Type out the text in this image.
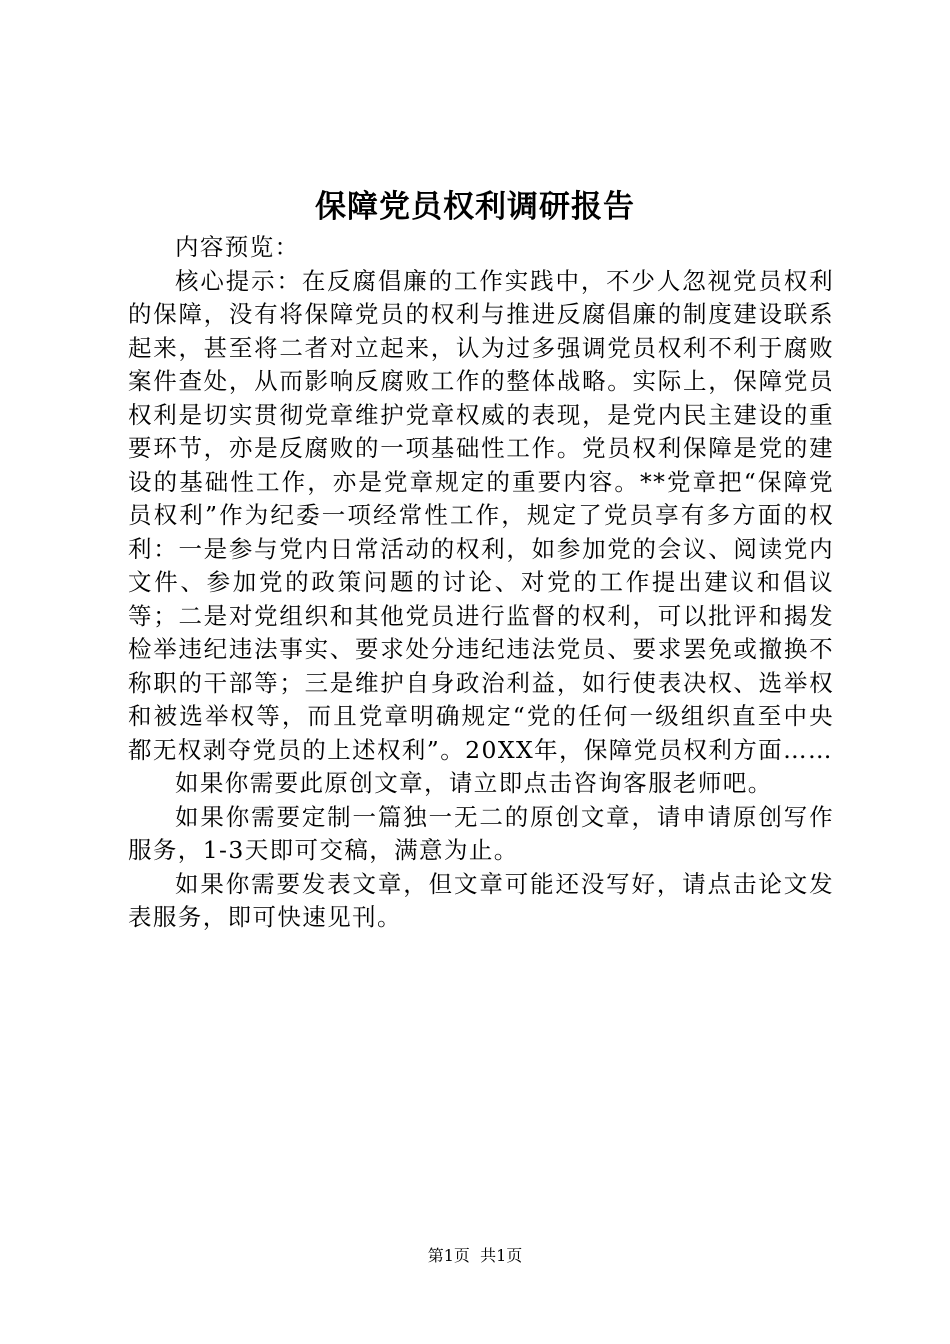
保障党员权利调研报告

内容预览：

核心提示：在反腐倡廉的工作实践中，不少人忽视党员权利的保障，没有将保障党员的权利与推进反腐倡廉的制度建设联系起来，甚至将二者对立起来，认为过多强调党员权利不利于腐败案件查处，从而影响反腐败工作的整体战略。实际上，保障党员权利是切实贯彻党章维护党章权威的表现，是党内民主建设的重要环节，亦是反腐败的一项基础性工作。党员权利保障是党的建设的基础性工作，亦是党章规定的重要内容。**党章把“保障党员权利”作为纪委一项经常性工作，规定了党员享有多方面的权利：一是参与党内日常活动的权利，如参加党的会议、阅读党内文件、参加党的政策问题的讨论、对党的工作提出建议和倡议等；二是对党组织和其他党员进行监督的权利，可以批评和揭发检举违纪违法事实、要求处分违纪违法党员、要求罢免或撤换不称职的干部等；三是维护自身政治利益，如行使表决权、选举权和被选举权等，而且党章明确规定“党的任何一级组织直至中央都无权剥夺党员的上述权利”。20XX年，保障党员权利方面……

如果你需要此原创文章，请立即点击咨询客服老师吧。

如果你需要定制一篇独一无二的原创文章，请申请原创写作服务，1-3天即可交稿，满意为止。

如果你需要发表文章，但文章可能还没写好，请点击论文发表服务，即可快速见刊。

第1页  共1页
